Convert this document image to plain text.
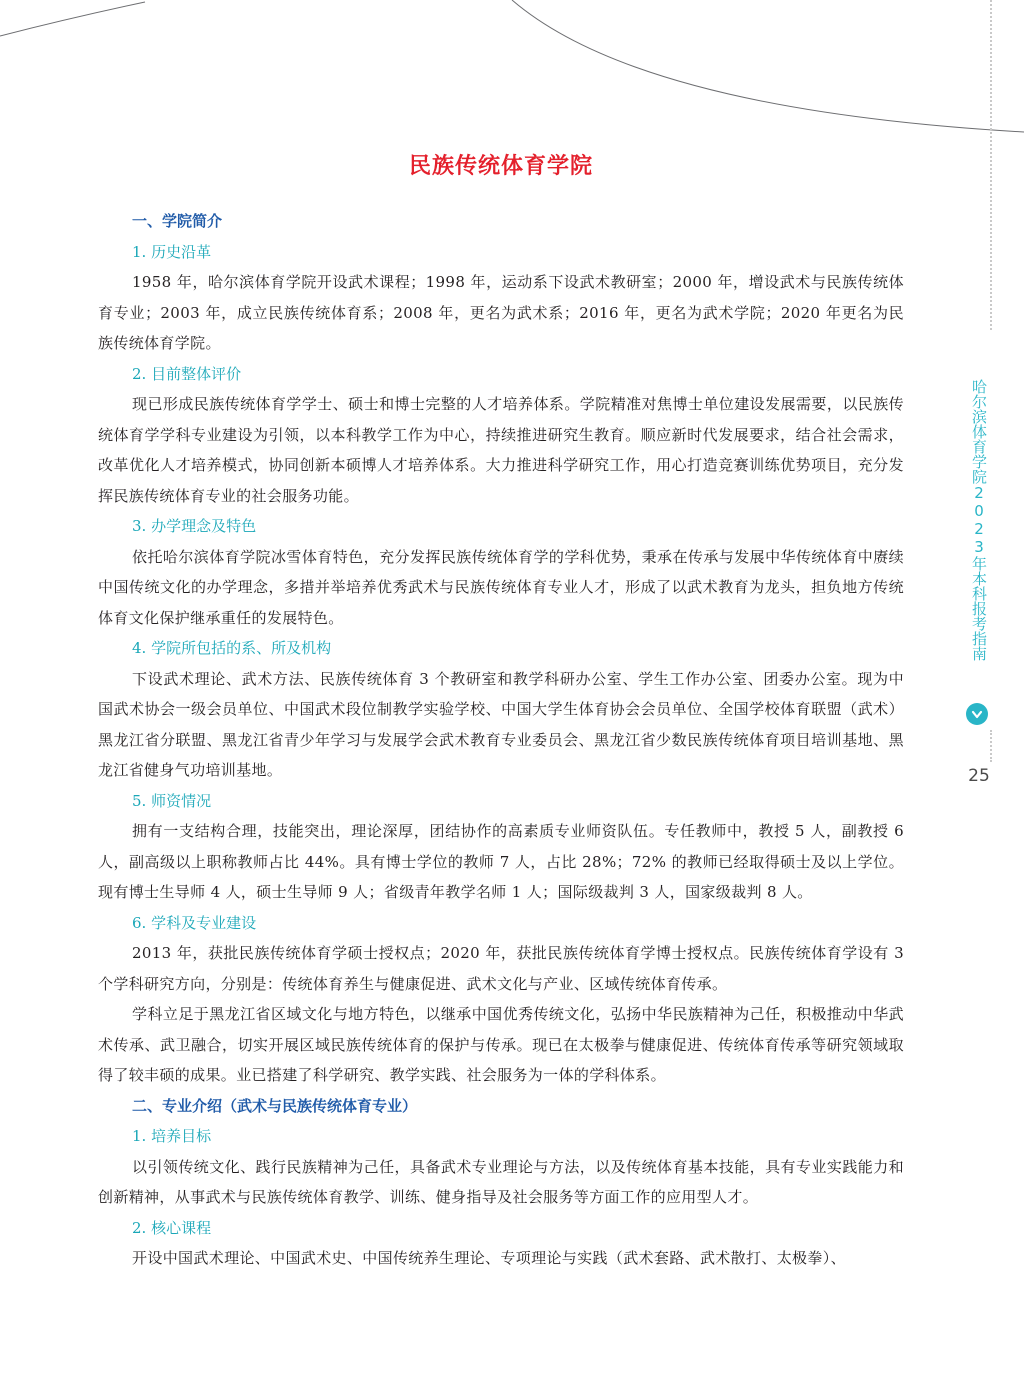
哈尔滨体育学院2023年本科报考指南
25
民族传统体育学院
一、学院简介
1. 历史沿革

1958 年，哈尔滨体育学院开设武术课程；1998 年，运动系下设武术教研室；2000 年，增设武术与民族传统体育专业；2003 年，成立民族传统体育系；2008 年，更名为武术系；2016 年，更名为武术学院；2020 年更名为民族传统体育学院。

2. 目前整体评价

现已形成民族传统体育学学士、硕士和博士完整的人才培养体系。学院精准对焦博士单位建设发展需要，以民族传统体育学学科专业建设为引领，以本科教学工作为中心，持续推进研究生教育。顺应新时代发展要求，结合社会需求，改革优化人才培养模式，协同创新本硕博人才培养体系。大力推进科学研究工作，用心打造竞赛训练优势项目，充分发挥民族传统体育专业的社会服务功能。

3. 办学理念及特色

依托哈尔滨体育学院冰雪体育特色，充分发挥民族传统体育学的学科优势，秉承在传承与发展中华传统体育中赓续中国传统文化的办学理念，多措并举培养优秀武术与民族传统体育专业人才，形成了以武术教育为龙头，担负地方传统体育文化保护继承重任的发展特色。

4. 学院所包括的系、所及机构

下设武术理论、武术方法、民族传统体育 3 个教研室和教学科研办公室、学生工作办公室、团委办公室。现为中国武术协会一级会员单位、中国武术段位制教学实验学校、中国大学生体育协会会员单位、全国学校体育联盟（武术）黑龙江省分联盟、黑龙江省青少年学习与发展学会武术教育专业委员会、黑龙江省少数民族传统体育项目培训基地、黑龙江省健身气功培训基地。

5. 师资情况

拥有一支结构合理，技能突出，理论深厚，团结协作的高素质专业师资队伍。专任教师中，教授 5 人，副教授 6 人，副高级以上职称教师占比 44%。具有博士学位的教师 7 人，占比 28%；72% 的教师已经取得硕士及以上学位。现有博士生导师 4 人，硕士生导师 9 人；省级青年教学名师 1 人；国际级裁判 3 人，国家级裁判 8 人。

6. 学科及专业建设

2013 年，获批民族传统体育学硕士授权点；2020 年，获批民族传统体育学博士授权点。民族传统体育学设有 3 个学科研究方向，分别是：传统体育养生与健康促进、武术文化与产业、区域传统体育传承。

学科立足于黑龙江省区域文化与地方特色，以继承中国优秀传统文化，弘扬中华民族精神为己任，积极推动中华武术传承、武卫融合，切实开展区域民族传统体育的保护与传承。现已在太极拳与健康促进、传统体育传承等研究领域取得了较丰硕的成果。业已搭建了科学研究、教学实践、社会服务为一体的学科体系。

二、专业介绍（武术与民族传统体育专业）
1. 培养目标

以引领传统文化、践行民族精神为己任，具备武术专业理论与方法，以及传统体育基本技能，具有专业实践能力和创新精神，从事武术与民族传统体育教学、训练、健身指导及社会服务等方面工作的应用型人才。

2. 核心课程

开设中国武术理论、中国武术史、中国传统养生理论、专项理论与实践（武术套路、武术散打、太极拳）、
